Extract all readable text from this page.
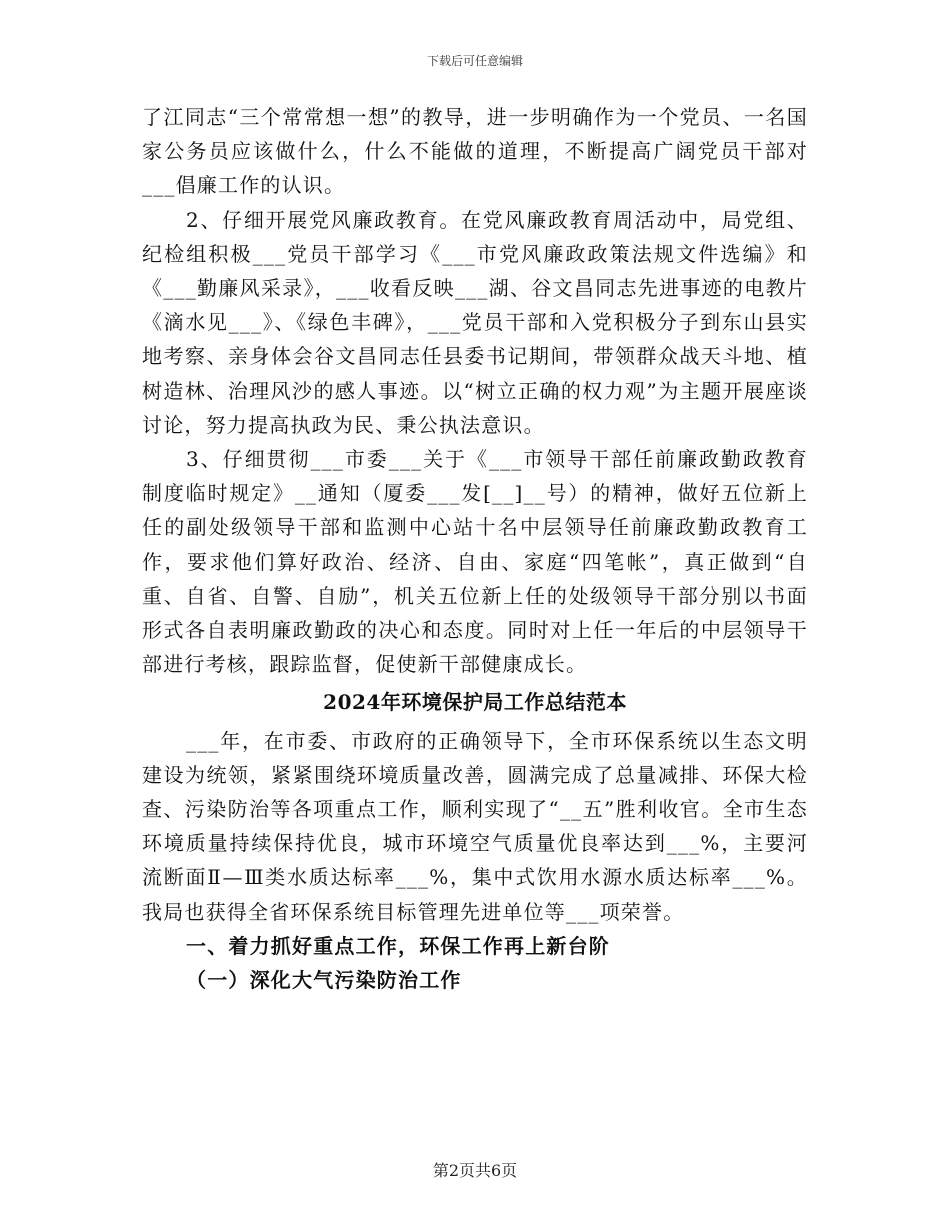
下载后可任意编辑

了江同志“三个常常想一想”的教导，进一步明确作为一个党员、一名国家公务员应该做什么，什么不能做的道理，不断提高广阔党员干部对___倡廉工作的认识。

2、仔细开展党风廉政教育。在党风廉政教育周活动中，局党组、纪检组积极___党员干部学习《___市党风廉政政策法规文件选编》和《___勤廉风采录》，___收看反映___湖、谷文昌同志先进事迹的电教片《滴水见___》、《绿色丰碑》，___党员干部和入党积极分子到东山县实地考察、亲身体会谷文昌同志任县委书记期间，带领群众战天斗地、植树造林、治理风沙的感人事迹。以“树立正确的权力观”为主题开展座谈讨论，努力提高执政为民、秉公执法意识。

3、仔细贯彻___市委___关于《___市领导干部任前廉政勤政教育制度临时规定》__通知（厦委___发[__]__号）的精神，做好五位新上任的副处级领导干部和监测中心站十名中层领导任前廉政勤政教育工作，要求他们算好政治、经济、自由、家庭“四笔帐”，真正做到“自重、自省、自警、自励”，机关五位新上任的处级领导干部分别以书面形式各自表明廉政勤政的决心和态度。同时对上任一年后的中层领导干部进行考核，跟踪监督，促使新干部健康成长。

2024年环境保护局工作总结范本

___年，在市委、市政府的正确领导下，全市环保系统以生态文明建设为统领，紧紧围绕环境质量改善，圆满完成了总量减排、环保大检查、污染防治等各项重点工作，顺利实现了“__五”胜利收官。全市生态环境质量持续保持优良，城市环境空气质量优良率达到___%，主要河流断面Ⅱ—Ⅲ类水质达标率___%，集中式饮用水源水质达标率___%。我局也获得全省环保系统目标管理先进单位等___项荣誉。

一、着力抓好重点工作，环保工作再上新台阶

（一）深化大气污染防治工作

第2页共6页
